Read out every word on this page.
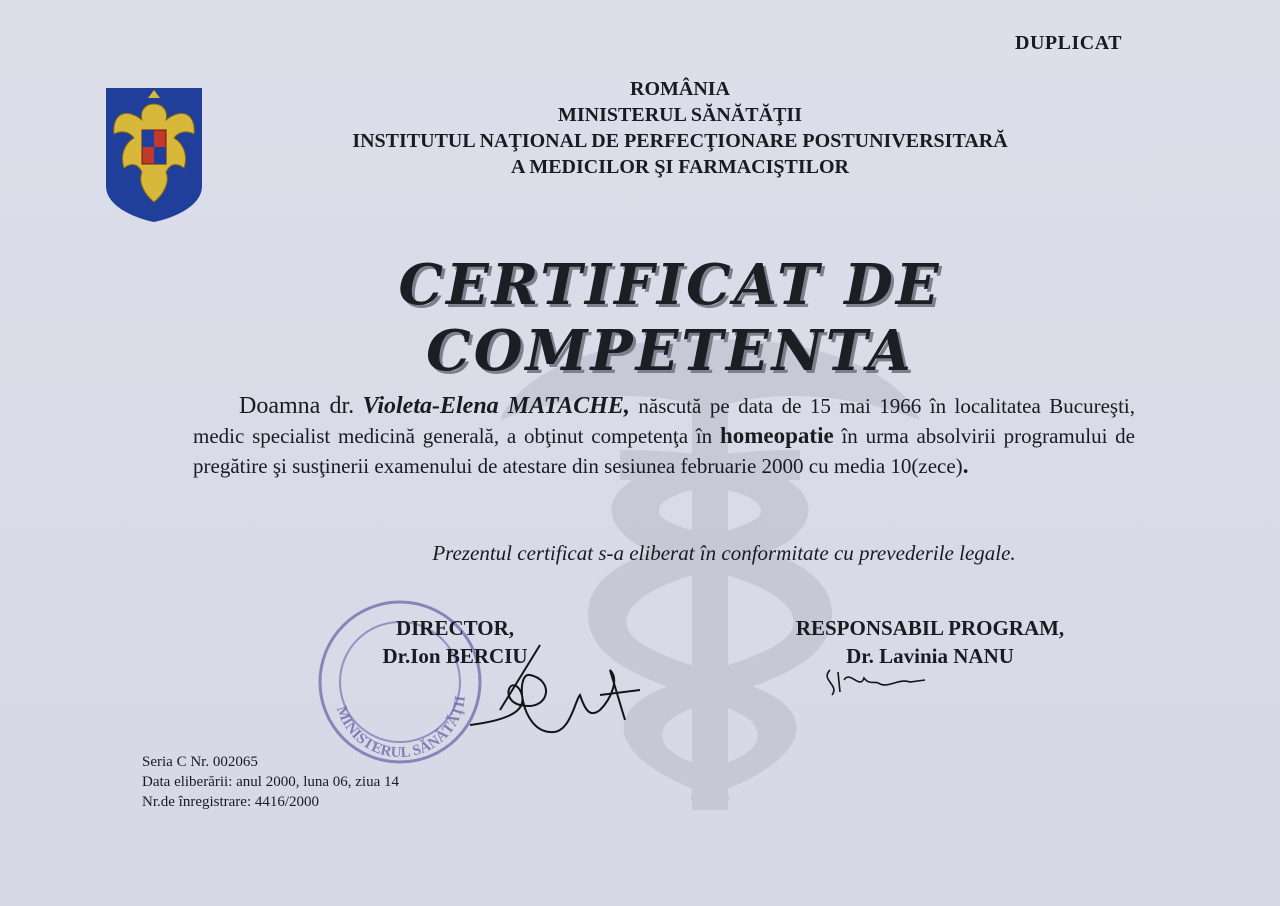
DUPLICAT
ROMÂNIA
MINISTERUL SĂNĂTĂŢII
INSTITUTUL NAŢIONAL DE PERFECŢIONARE POSTUNIVERSITARĂ
A MEDICILOR ŞI FARMACIŞTILOR
CERTIFICAT DE COMPETENTA
Doamna dr. Violeta-Elena MATACHE, născută pe data de 15 mai 1966 în localitatea Bucureşti, medic specialist medicină generală, a obţinut competenţa în homeopatie în urma absolvirii programului de pregătire şi susţinerii examenului de atestare din sesiunea februarie 2000 cu media 10(zece).
Prezentul certificat s-a eliberat în conformitate cu prevederile legale.
MINISTERUL SĂNĂTĂŢII
DIRECTOR,
Dr.Ion BERCIU
RESPONSABIL PROGRAM,
Dr. Lavinia NANU
Seria C Nr. 002065
Data eliberării: anul 2000, luna 06, ziua 14
Nr.de înregistrare: 4416/2000
